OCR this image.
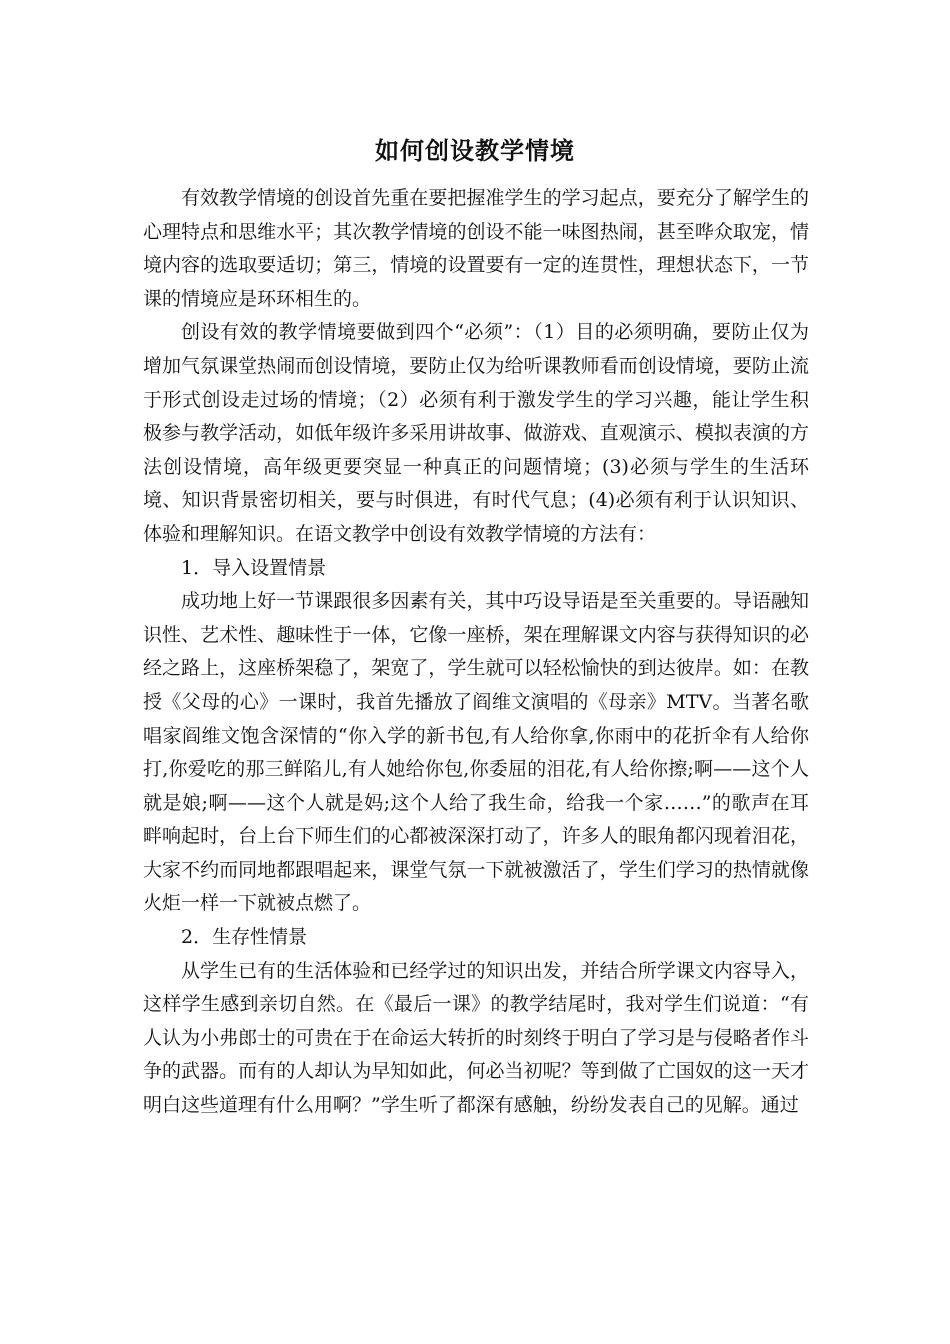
如何创设教学情境

有效教学情境的创设首先重在要把握准学生的学习起点，要充分了解学生的心理特点和思维水平；其次教学情境的创设不能一味图热闹，甚至哗众取宠，情境内容的选取要适切；第三，情境的设置要有一定的连贯性，理想状态下，一节课的情境应是环环相生的。

创设有效的教学情境要做到四个“必须”：（1）目的必须明确，要防止仅为增加气氛课堂热闹而创设情境，要防止仅为给听课教师看而创设情境，要防止流于形式创设走过场的情境；（2）必须有利于激发学生的学习兴趣，能让学生积极参与教学活动，如低年级许多采用讲故事、做游戏、直观演示、模拟表演的方法创设情境，高年级更要突显一种真正的问题情境；(3)必须与学生的生活环境、知识背景密切相关，要与时俱进，有时代气息；(4)必须有利于认识知识、体验和理解知识。在语文教学中创设有效教学情境的方法有：

1．导入设置情景

成功地上好一节课跟很多因素有关，其中巧设导语是至关重要的。导语融知识性、艺术性、趣味性于一体，它像一座桥，架在理解课文内容与获得知识的必经之路上，这座桥架稳了，架宽了，学生就可以轻松愉快的到达彼岸。如：在教授《父母的心》一课时，我首先播放了阎维文演唱的《母亲》MTV。当著名歌唱家阎维文饱含深情的“你入学的新书包,有人给你拿,你雨中的花折伞有人给你打,你爱吃的那三鲜陷儿,有人她给你包,你委屈的泪花,有人给你擦;啊——这个人就是娘;啊——这个人就是妈;这个人给了我生命，给我一个家……”的歌声在耳畔响起时，台上台下师生们的心都被深深打动了，许多人的眼角都闪现着泪花，大家不约而同地都跟唱起来，课堂气氛一下就被激活了，学生们学习的热情就像火炬一样一下就被点燃了。

2．生存性情景

从学生已有的生活体验和已经学过的知识出发，并结合所学课文内容导入，这样学生感到亲切自然。在《最后一课》的教学结尾时，我对学生们说道：“有人认为小弗郎士的可贵在于在命运大转折的时刻终于明白了学习是与侵略者作斗争的武器。而有的人却认为早知如此，何必当初呢？等到做了亡国奴的这一天才明白这些道理有什么用啊？”学生听了都深有感触，纷纷发表自己的见解。通过
